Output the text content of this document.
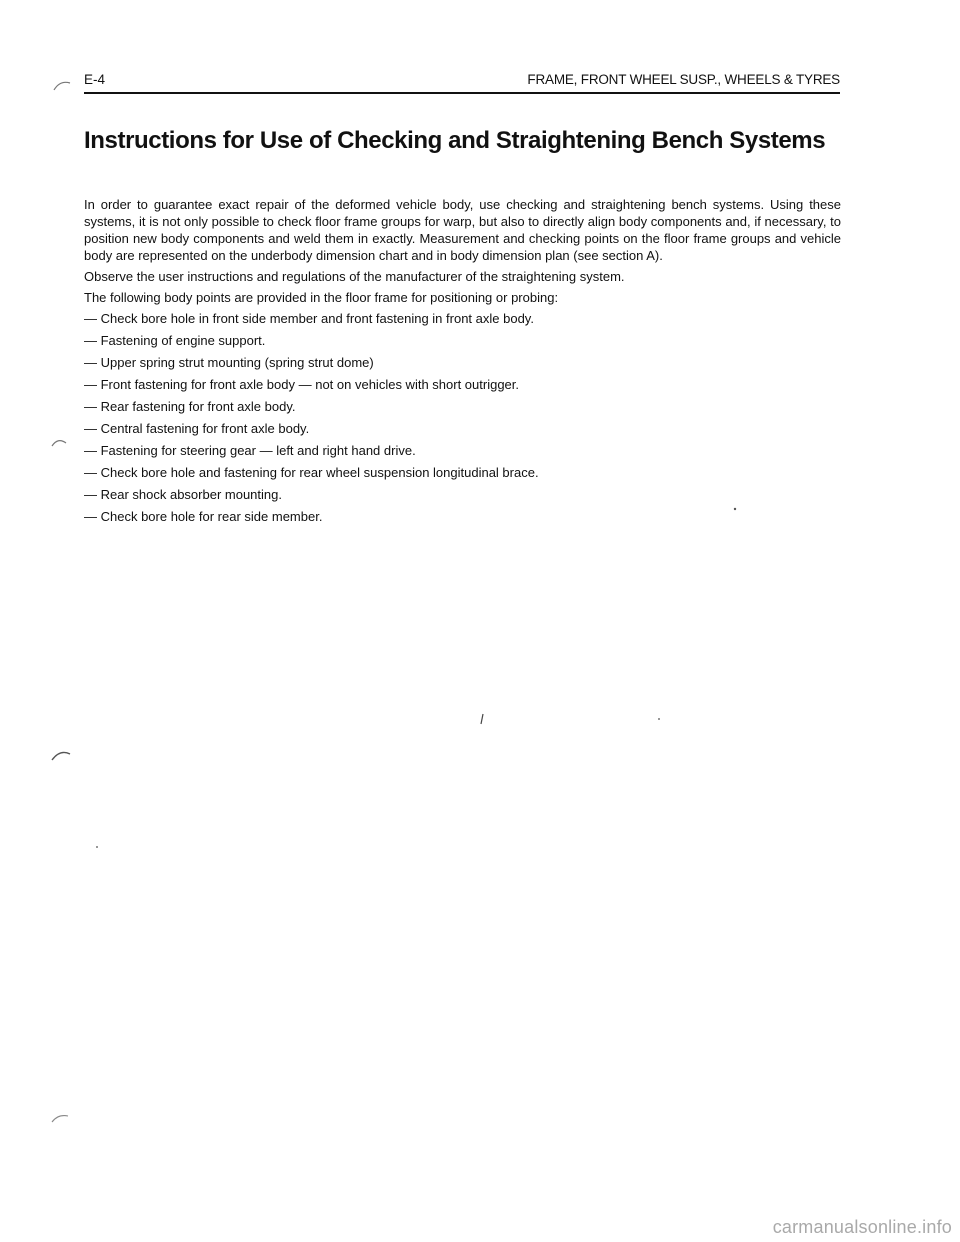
E-4	FRAME, FRONT WHEEL SUSP., WHEELS & TYRES
Instructions for Use of Checking and Straightening Bench Systems

In order to guarantee exact repair of the deformed vehicle body, use checking and straightening bench systems. Using these systems, it is not only possible to check floor frame groups for warp, but also to directly align body components and, if necessary, to position new body components and weld them in exactly. Measurement and checking points on the floor frame groups and vehicle body are represented on the underbody dimension chart and in body dimension plan (see section A).

Observe the user instructions and regulations of the manufacturer of the straightening system.

The following body points are provided in the floor frame for positioning or probing:

— Check bore hole in front side member and front fastening in front axle body.
— Fastening of engine support.
— Upper spring strut mounting (spring strut dome)
— Front fastening for front axle body — not on vehicles with short outrigger.
— Rear fastening for front axle body.
— Central fastening for front axle body.
— Fastening for steering gear — left and right hand drive.
— Check bore hole and fastening for rear wheel suspension longitudinal brace.
— Rear shock absorber mounting.
— Check bore hole for rear side member.
carmanualsonline.info
